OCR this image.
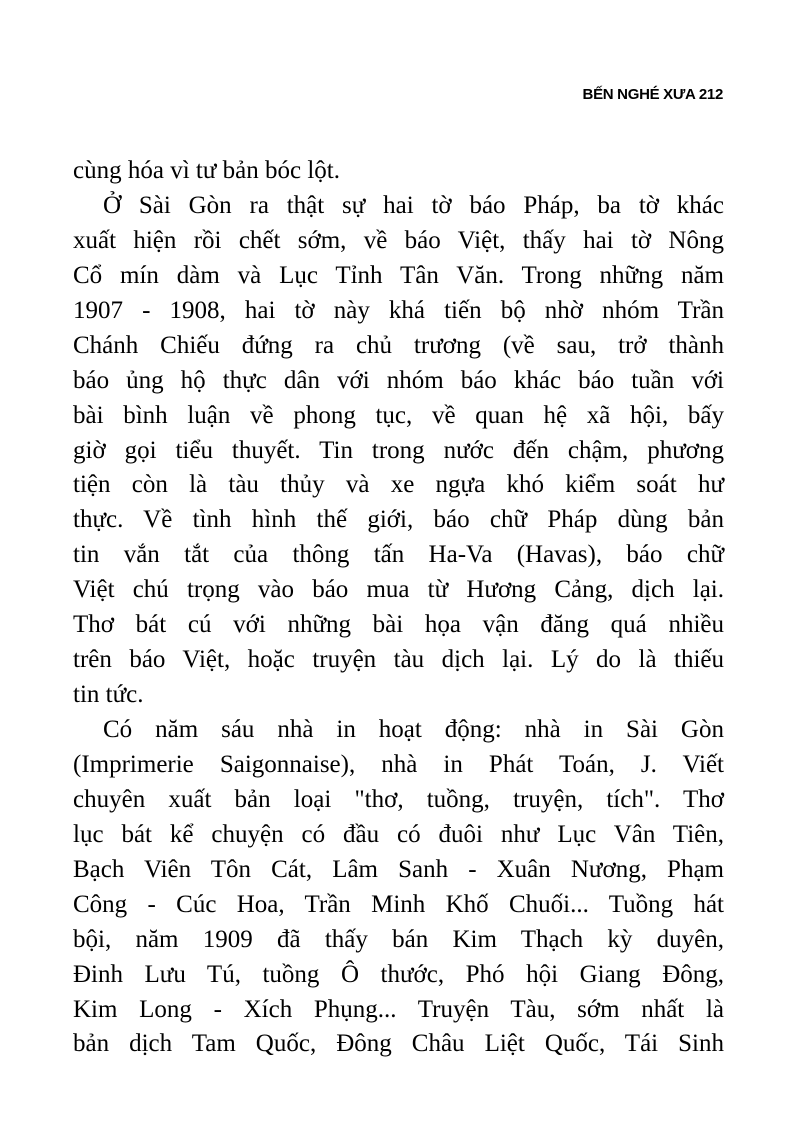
BẾN NGHÉ XƯA 212
cùng hóa vì tư bản bóc lột.
Ở Sài Gòn ra thật sự hai tờ báo Pháp, ba tờ khác
xuất hiện rồi chết sớm, về báo Việt, thấy hai tờ Nông
Cổ mín dàm và Lục Tỉnh Tân Văn. Trong những năm
1907 - 1908, hai tờ này khá tiến bộ nhờ nhóm Trần
Chánh Chiếu đứng ra chủ trương (về sau, trở thành
báo ủng hộ thực dân với nhóm báo khác báo tuần với
bài bình luận về phong tục, về quan hệ xã hội, bấy
giờ gọi tiểu thuyết. Tin trong nước đến chậm, phương
tiện còn là tàu thủy và xe ngựa khó kiểm soát hư
thực. Về tình hình thế giới, báo chữ Pháp dùng bản
tin vắn tắt của thông tấn Ha-Va (Havas), báo chữ
Việt chú trọng vào báo mua từ Hương Cảng, dịch lại.
Thơ bát cú với những bài họa vận đăng quá nhiều
trên báo Việt, hoặc truyện tàu dịch lại. Lý do là thiếu
tin tức.
Có năm sáu nhà in hoạt động: nhà in Sài Gòn
(Imprimerie Saigonnaise), nhà in Phát Toán, J. Viết
chuyên xuất bản loại "thơ, tuồng, truyện, tích". Thơ
lục bát kể chuyện có đầu có đuôi như Lục Vân Tiên,
Bạch Viên Tôn Cát, Lâm Sanh - Xuân Nương, Phạm
Công - Cúc Hoa, Trần Minh Khố Chuối... Tuồng hát
bội, năm 1909 đã thấy bán Kim Thạch kỳ duyên,
Đinh Lưu Tú, tuồng Ô thước, Phó hội Giang Đông,
Kim Long - Xích Phụng... Truyện Tàu, sớm nhất là
bản dịch Tam Quốc, Đông Châu Liệt Quốc, Tái Sinh
